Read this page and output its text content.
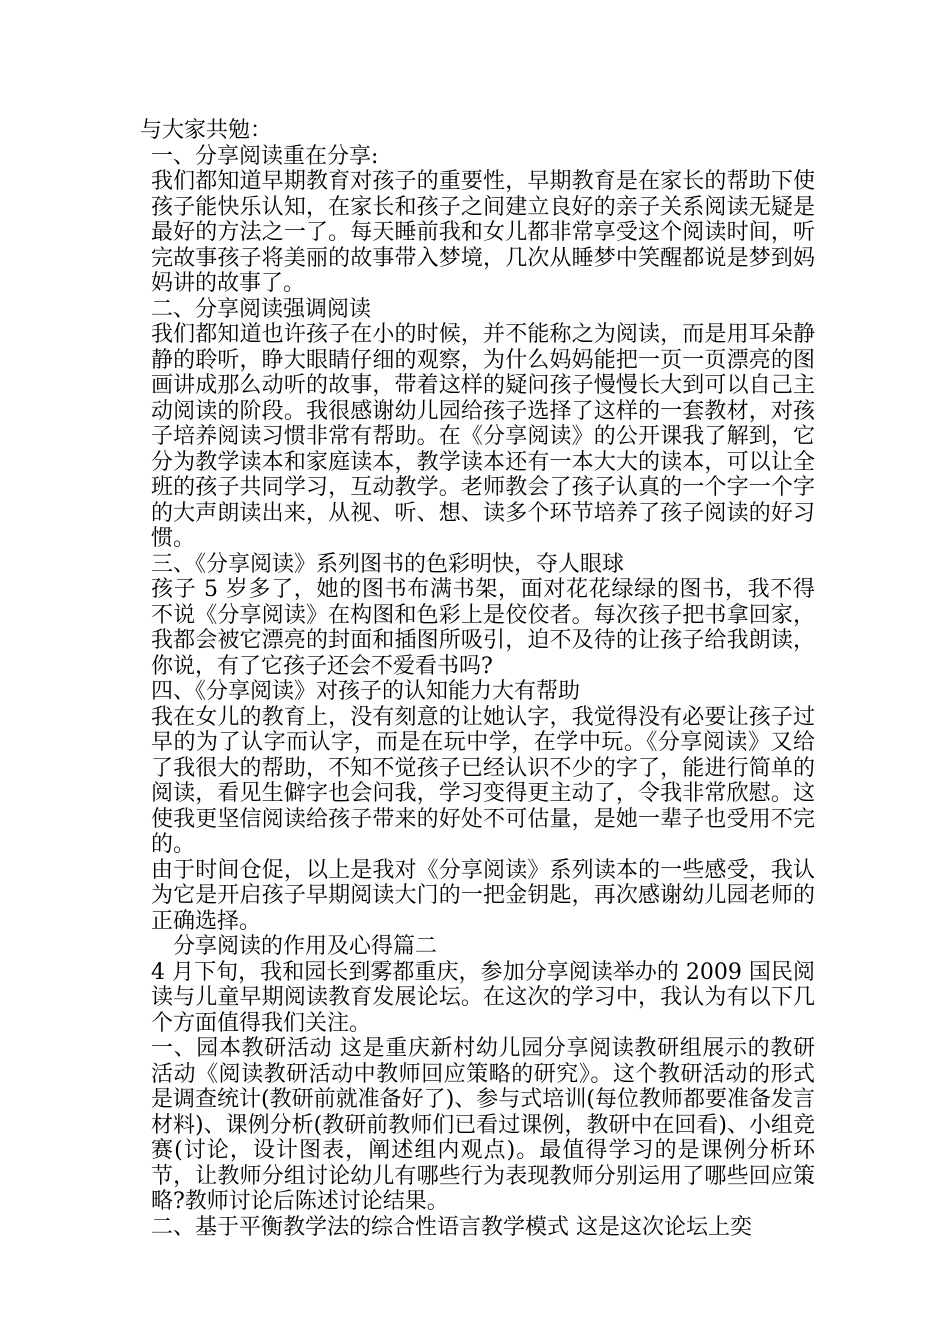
与大家共勉：

一、分享阅读重在分享:

我们都知道早期教育对孩子的重要性，早期教育是在家长的帮助下使孩子能快乐认知，在家长和孩子之间建立良好的亲子关系阅读无疑是最好的方法之一了。每天睡前我和女儿都非常享受这个阅读时间，听完故事孩子将美丽的故事带入梦境，几次从睡梦中笑醒都说是梦到妈妈讲的故事了。

二、分享阅读强调阅读

我们都知道也许孩子在小的时候，并不能称之为阅读，而是用耳朵静静的聆听，睁大眼睛仔细的观察，为什么妈妈能把一页一页漂亮的图画讲成那么动听的故事，带着这样的疑问孩子慢慢长大到可以自己主动阅读的阶段。我很感谢幼儿园给孩子选择了这样的一套教材，对孩子培养阅读习惯非常有帮助。在《分享阅读》的公开课我了解到，它分为教学读本和家庭读本，教学读本还有一本大大的读本，可以让全班的孩子共同学习，互动教学。老师教会了孩子认真的一个字一个字的大声朗读出来，从视、听、想、读多个环节培养了孩子阅读的好习惯。

三、《分享阅读》系列图书的色彩明快，夺人眼球

孩子 5 岁多了，她的图书布满书架，面对花花绿绿的图书，我不得不说《分享阅读》在构图和色彩上是佼佼者。每次孩子把书拿回家，我都会被它漂亮的封面和插图所吸引，迫不及待的让孩子给我朗读，你说，有了它孩子还会不爱看书吗?

四、《分享阅读》对孩子的认知能力大有帮助

我在女儿的教育上，没有刻意的让她认字，我觉得没有必要让孩子过早的为了认字而认字，而是在玩中学，在学中玩。《分享阅读》又给了我很大的帮助，不知不觉孩子已经认识不少的字了，能进行简单的阅读，看见生僻字也会问我，学习变得更主动了，令我非常欣慰。这使我更坚信阅读给孩子带来的好处不可估量，是她一辈子也受用不完的。

由于时间仓促，以上是我对《分享阅读》系列读本的一些感受，我认为它是开启孩子早期阅读大门的一把金钥匙，再次感谢幼儿园老师的正确选择。

分享阅读的作用及心得篇二

4 月下旬，我和园长到雾都重庆，参加分享阅读举办的 2009 国民阅读与儿童早期阅读教育发展论坛。在这次的学习中，我认为有以下几个方面值得我们关注。

一、园本教研活动 这是重庆新村幼儿园分享阅读教研组展示的教研活动《阅读教研活动中教师回应策略的研究》。这个教研活动的形式是调查统计(教研前就准备好了)、参与式培训(每位教师都要准备发言材料)、课例分析(教研前教师们已看过课例，教研中在回看)、小组竞赛(讨论，设计图表，阐述组内观点)。最值得学习的是课例分析环节，让教师分组讨论幼儿有哪些行为表现教师分别运用了哪些回应策略?教师讨论后陈述讨论结果。

二、基于平衡教学法的综合性语言教学模式 这是这次论坛上奕
